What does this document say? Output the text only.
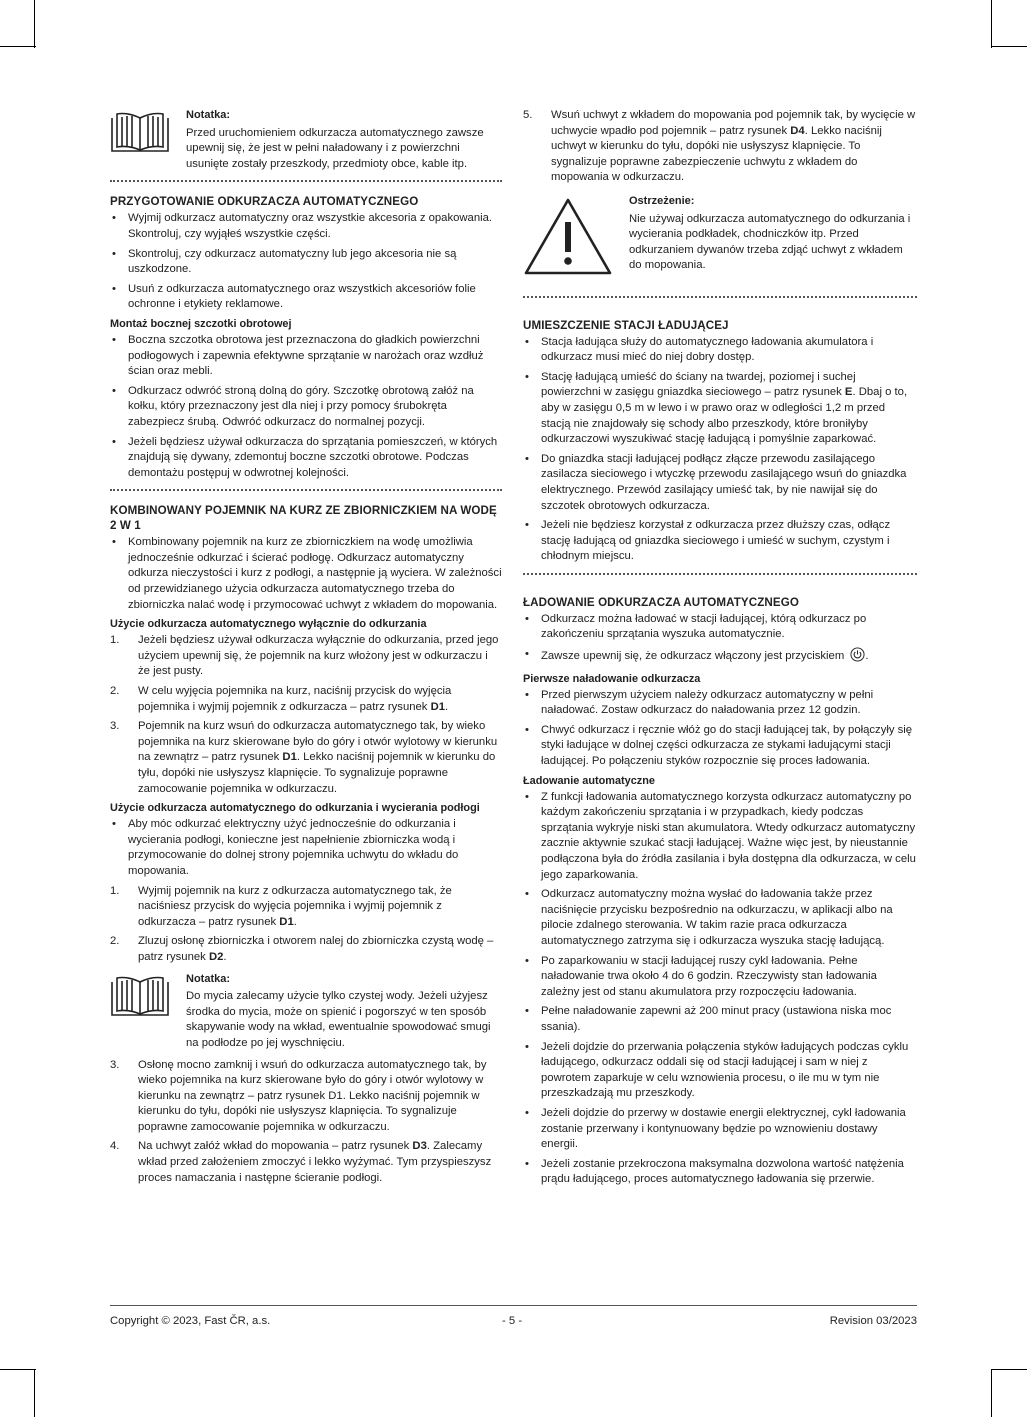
Notatka:
Przed uruchomieniem odkurzacza automatycznego zawsze upewnij się, że jest w pełni naładowany i z powierzchni usunięte zostały przeszkody, przedmioty obce, kable itp.
PRZYGOTOWANIE ODKURZACZA AUTOMATYCZNEGO
• Wyjmij odkurzacz automatyczny oraz wszystkie akcesoria z opakowania. Skontroluj, czy wyjąłeś wszystkie części.
• Skontroluj, czy odkurzacz automatyczny lub jego akcesoria nie są uszkodzone.
• Usuń z odkurzacza automatycznego oraz wszystkich akcesoriów folie ochronne i etykiety reklamowe.
Montaż bocznej szczotki obrotowej
• Boczna szczotka obrotowa jest przeznaczona do gładkich powierzchni podłogowych i zapewnia efektywne sprzątanie w narożach oraz wzdłuż ścian oraz mebli.
• Odkurzacz odwróć stroną dolną do góry. Szczotkę obrotową załóż na kołku, który przeznaczony jest dla niej i przy pomocy śrubokręta zabezpiecz śrubą. Odwróć odkurzacz do normalnej pozycji.
• Jeżeli będziesz używał odkurzacza do sprzątania pomieszczeń, w których znajdują się dywany, zdemontuj boczne szczotki obrotowe. Podczas demontażu postępuj w odwrotnej kolejności.
KOMBINOWANY POJEMNIK NA KURZ ZE ZBIORNICZKIEM NA WODĘ 2 W 1
• Kombinowany pojemnik na kurz ze zbiorniczkiem na wodę umożliwia jednocześnie odkurzać i ścierać podłogę. Odkurzacz automatyczny odkurza nieczystości i kurz z podłogi, a następnie ją wyciera. W zależności od przewidzianego użycia odkurzacza automatycznego trzeba do zbiorniczka nalać wodę i przymocować uchwyt z wkładem do mopowania.
Użycie odkurzacza automatycznego wyłącznie do odkurzania
1. Jeżeli będziesz używał odkurzacza wyłącznie do odkurzania, przed jego użyciem upewnij się, że pojemnik na kurz włożony jest w odkurzaczu i że jest pusty.
2. W celu wyjęcia pojemnika na kurz, naciśnij przycisk do wyjęcia pojemnika i wyjmij pojemnik z odkurzacza – patrz rysunek D1.
3. Pojemnik na kurz wsuń do odkurzacza automatycznego tak, by wieko pojemnika na kurz skierowane było do góry i otwór wylotowy w kierunku na zewnątrz – patrz rysunek D1. Lekko naciśnij pojemnik w kierunku do tyłu, dopóki nie usłyszysz klapnięcie. To sygnalizuje poprawne zamocowanie pojemnika w odkurzaczu.
Użycie odkurzacza automatycznego do odkurzania i wycierania podłogi
• Aby móc odkurzać elektryczny użyć jednocześnie do odkurzania i wycierania podłogi, konieczne jest napełnienie zbiorniczka wodą i przymocowanie do dolnej strony pojemnika uchwytu do wkładu do mopowania.
1. Wyjmij pojemnik na kurz z odkurzacza automatycznego tak, że naciśniesz przycisk do wyjęcia pojemnika i wyjmij pojemnik z odkurzacza – patrz rysunek D1.
2. Zluzuj osłonę zbiorniczka i otworem nalej do zbiorniczka czystą wodę – patrz rysunek D2.
Notatka:
Do mycia zalecamy użycie tylko czystej wody. Jeżeli użyjesz środka do mycia, może on spienić i pogorszyć w ten sposób skapywanie wody na wkład, ewentualnie spowodować smugi na podłodze po jej wyschnięciu.
3. Osłonę mocno zamknij i wsuń do odkurzacza automatycznego tak, by wieko pojemnika na kurz skierowane było do góry i otwór wylotowy w kierunku na zewnątrz – patrz rysunek D1. Lekko naciśnij pojemnik w kierunku do tyłu, dopóki nie usłyszysz klapnięcia. To sygnalizuje poprawne zamocowanie pojemnika w odkurzaczu.
4. Na uchwyt załóż wkład do mopowania – patrz rysunek D3. Zalecamy wkład przed założeniem zmoczyć i lekko wyżymać. Tym przyspieszysz proces namaczania i następne ścieranie podłogi.
5. Wsuń uchwyt z wkładem do mopowania pod pojemnik tak, by wycięcie w uchwycie wpadło pod pojemnik – patrz rysunek D4. Lekko naciśnij uchwyt w kierunku do tyłu, dopóki nie usłyszysz klapnięcie. To sygnalizuje poprawne zabezpieczenie uchwytu z wkładem do mopowania w odkurzaczu.
Ostrzeżenie:
Nie używaj odkurzacza automatycznego do odkurzania i wycierania podkładek, chodniczków itp. Przed odkurzaniem dywanów trzeba zdjąć uchwyt z wkładem do mopowania.
UMIESZCZENIE STACJI ŁADUJĄCEJ
• Stacja ładująca służy do automatycznego ładowania akumulatora i odkurzacz musi mieć do niej dobry dostęp.
• Stację ładującą umieść do ściany na twardej, poziomej i suchej powierzchni w zasięgu gniazdka sieciowego – patrz rysunek E. Dbaj o to, aby w zasięgu 0,5 m w lewo i w prawo oraz w odległości 1,2 m przed stacją nie znajdowały się schody albo przeszkody, które broniłyby odkurzaczowi wyszukiwać stację ładującą i pomyślnie zaparkować.
• Do gniazdka stacji ładującej podłącz złącze przewodu zasilającego zasilacza sieciowego i wtyczkę przewodu zasilającego wsuń do gniazdka elektrycznego. Przewód zasilający umieść tak, by nie nawijał się do szczotek obrotowych odkurzacza.
• Jeżeli nie będziesz korzystał z odkurzacza przez dłuższy czas, odłącz stację ładującą od gniazdka sieciowego i umieść w suchym, czystym i chłodnym miejscu.
ŁADOWANIE ODKURZACZA AUTOMATYCZNEGO
• Odkurzacz można ładować w stacji ładującej, którą odkurzacz po zakończeniu sprzątania wyszuka automatycznie.
• Zawsze upewnij się, że odkurzacz włączony jest przyciskiem .
Pierwsze naładowanie odkurzacza
• Przed pierwszym użyciem należy odkurzacz automatyczny w pełni naładować. Zostaw odkurzacz do naładowania przez 12 godzin.
• Chwyć odkurzacz i ręcznie włóż go do stacji ładującej tak, by połączyły się styki ładujące w dolnej części odkurzacza ze stykami ładującymi stacji ładującej. Po połączeniu styków rozpocznie się proces ładowania.
Ładowanie automatyczne
• Z funkcji ładowania automatycznego korzysta odkurzacz automatyczny po każdym zakończeniu sprzątania i w przypadkach, kiedy podczas sprzątania wykryje niski stan akumulatora. Wtedy odkurzacz automatyczny zacznie aktywnie szukać stacji ładującej. Ważne więc jest, by nieustannie podłączona była do źródła zasilania i była dostępna dla odkurzacza, w celu jego zaparkowania.
• Odkurzacz automatyczny można wysłać do ładowania także przez naciśnięcie przycisku bezpośrednio na odkurzaczu, w aplikacji albo na pilocie zdalnego sterowania. W takim razie praca odkurzacza automatycznego zatrzyma się i odkurzacza wyszuka stację ładującą.
• Po zaparkowaniu w stacji ładującej ruszy cykl ładowania. Pełne naładowanie trwa około 4 do 6 godzin. Rzeczywisty stan ładowania zależny jest od stanu akumulatora przy rozpoczęciu ładowania.
• Pełne naładowanie zapewni aż 200 minut pracy (ustawiona niska moc ssania).
• Jeżeli dojdzie do przerwania połączenia styków ładujących podczas cyklu ładującego, odkurzacz oddali się od stacji ładującej i sam w niej z powrotem zaparkuje w celu wznowienia procesu, o ile mu w tym nie przeszkadzają mu przeszkody.
• Jeżeli dojdzie do przerwy w dostawie energii elektrycznej, cykl ładowania zostanie przerwany i kontynuowany będzie po wznowieniu dostawy energii.
• Jeżeli zostanie przekroczona maksymalna dozwolona wartość natężenia prądu ładującego, proces automatycznego ładowania się przerwie.
Copyright © 2023, Fast ČR, a.s.	- 5 -	Revision 03/2023
